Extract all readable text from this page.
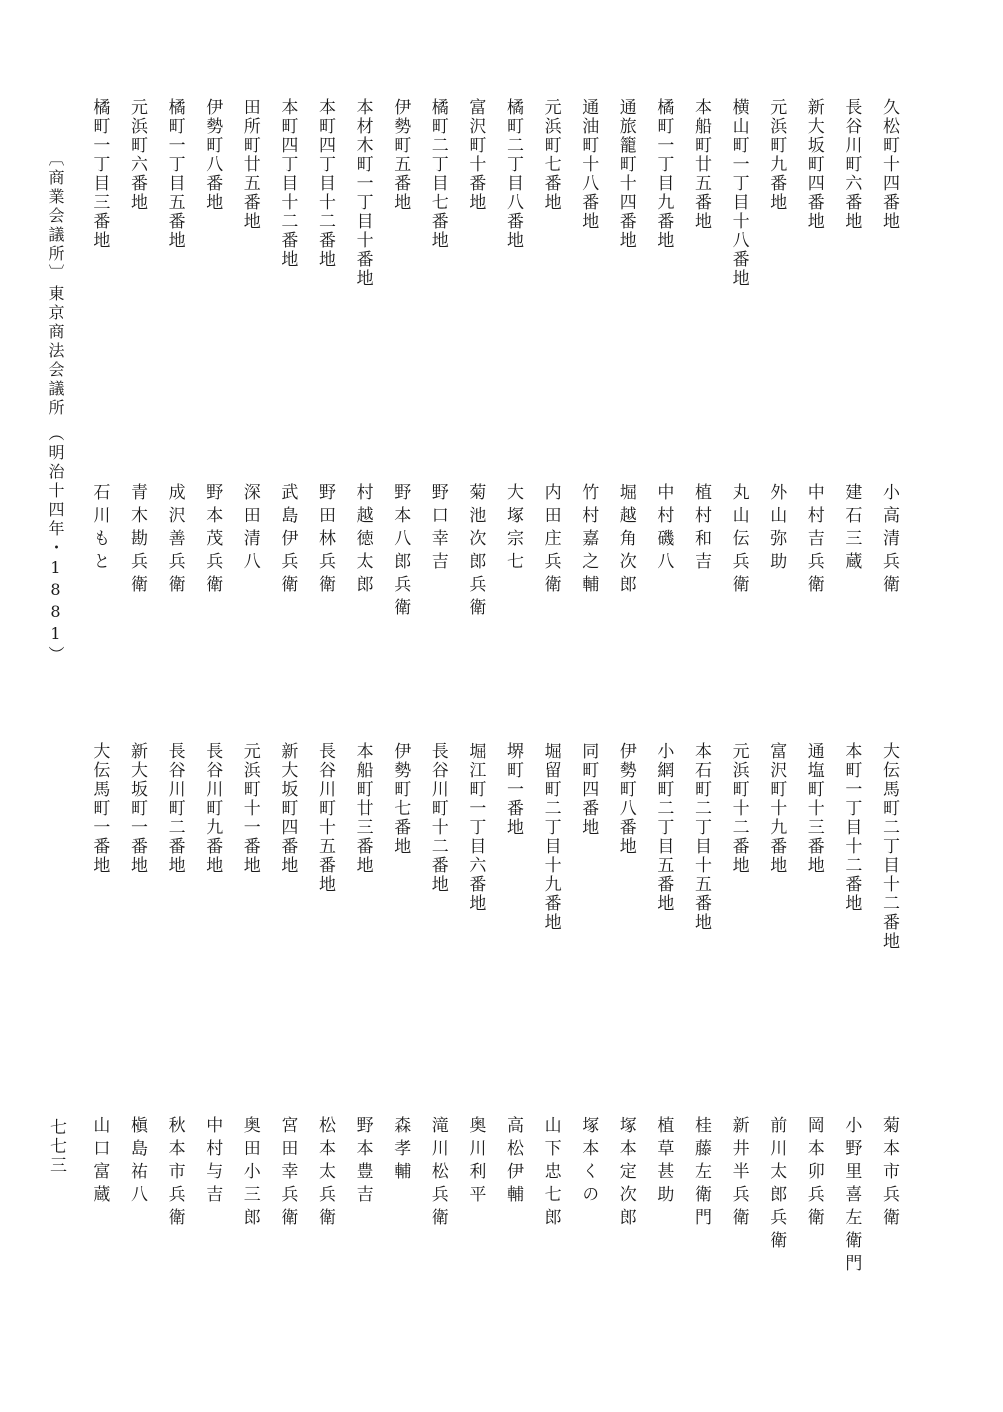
久松町十四番地
長谷川町六番地
新大坂町四番地
元浜町九番地
横山町一丁目十八番地
本船町廿五番地
橘町一丁目九番地
通旅籠町十四番地
通油町十八番地
元浜町七番地
橘町二丁目八番地
富沢町十番地
橘町二丁目七番地
伊勢町五番地
本材木町一丁目十番地
本町四丁目十二番地
本町四丁目十二番地
田所町廿五番地
伊勢町八番地
橘町一丁目五番地
元浜町六番地
橘町一丁目三番地
小高清兵衛
建石三蔵
中村吉兵衛
外山弥助
丸山伝兵衛
植村和吉
中村磯八
堀越角次郎
竹村嘉之輔
内田庄兵衛
大塚宗七
菊池次郎兵衛
野口幸吉
野本八郎兵衛
村越徳太郎
野田林兵衛
武島伊兵衛
深田清八
野本茂兵衛
成沢善兵衛
青木勘兵衛
石川もと
大伝馬町二丁目十二番地
本町一丁目十二番地
通塩町十三番地
富沢町十九番地
元浜町十二番地
本石町二丁目十五番地
小網町二丁目五番地
伊勢町八番地
同町四番地
堀留町二丁目十九番地
堺町一番地
堀江町一丁目六番地
長谷川町十二番地
伊勢町七番地
本船町廿三番地
長谷川町十五番地
新大坂町四番地
元浜町十一番地
長谷川町九番地
長谷川町二番地
新大坂町一番地
大伝馬町一番地
菊本市兵衛
小野里喜左衛門
岡本卯兵衛
前川太郎兵衛
新井半兵衛
桂藤左衛門
植草甚助
塚本定次郎
塚本くの
山下忠七郎
高松伊輔
奥川利平
滝川松兵衛
森孝輔
野本豊吉
松本太兵衛
宮田幸兵衛
奥田小三郎
中村与吉
秋本市兵衛
槇島祐八
山口富蔵
〔商業会議所〕
東京商法会議所
（明治十四年・1881）
七七三
